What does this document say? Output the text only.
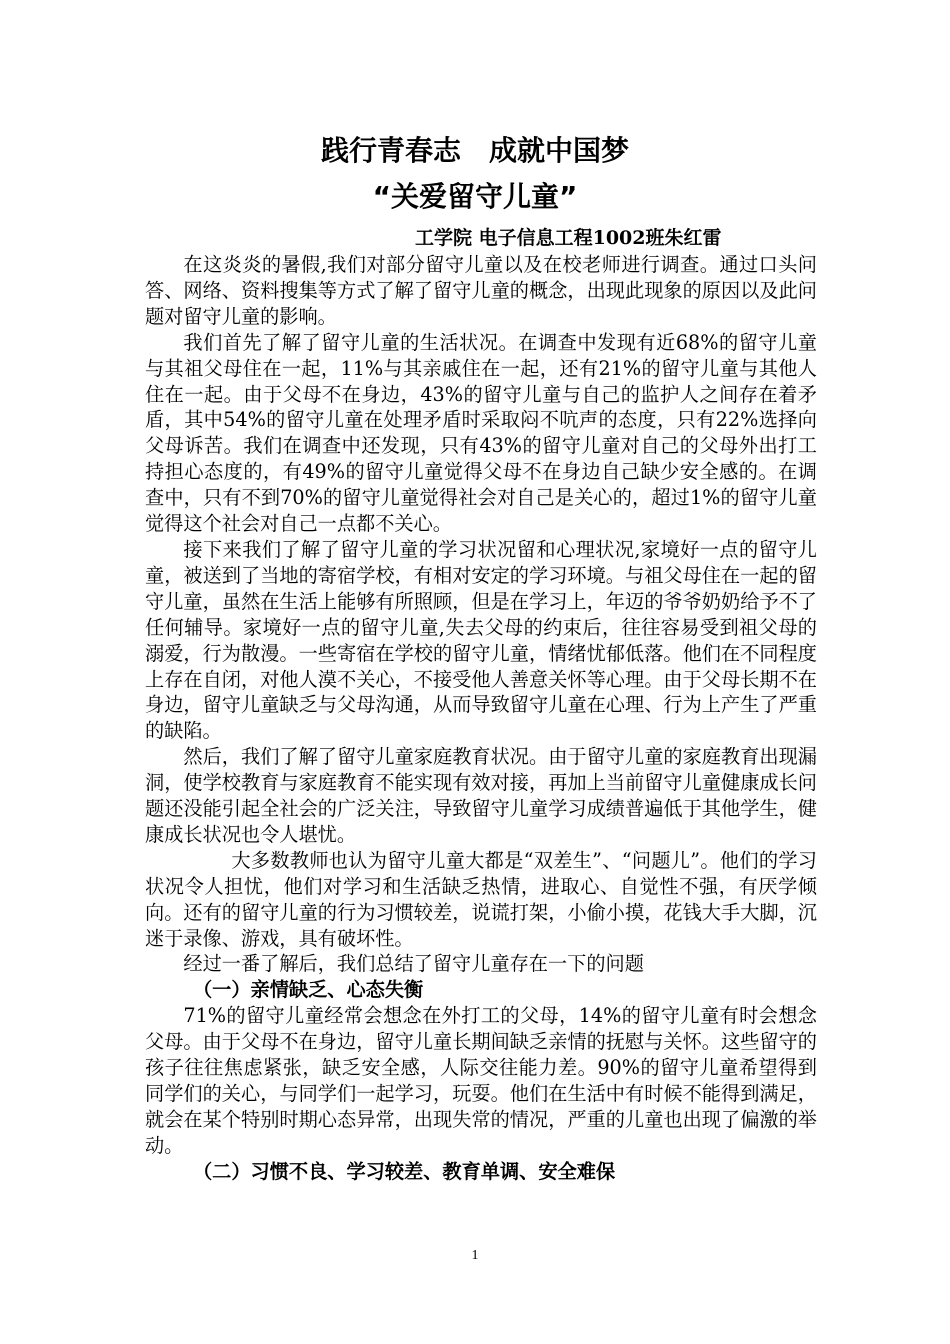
践行青春志　成就中国梦
“关爱留守儿童”
工学院 电子信息工程1002班朱红雷

在这炎炎的暑假,我们对部分留守儿童以及在校老师进行调查。通过口头问答、网络、资料搜集等方式了解了留守儿童的概念，出现此现象的原因以及此问题对留守儿童的影响。

我们首先了解了留守儿童的生活状况。在调查中发现有近68%的留守儿童与其祖父母住在一起，11%与其亲戚住在一起，还有21%的留守儿童与其他人住在一起。由于父母不在身边，43%的留守儿童与自己的监护人之间存在着矛盾，其中54%的留守儿童在处理矛盾时采取闷不吭声的态度，只有22%选择向父母诉苦。我们在调查中还发现，只有43%的留守儿童对自己的父母外出打工持担心态度的，有49%的留守儿童觉得父母不在身边自己缺少安全感的。在调查中，只有不到70%的留守儿童觉得社会对自己是关心的，超过1%的留守儿童觉得这个社会对自己一点都不关心。

接下来我们了解了留守儿童的学习状况留和心理状况,家境好一点的留守儿童，被送到了当地的寄宿学校，有相对安定的学习环境。与祖父母住在一起的留守儿童，虽然在生活上能够有所照顾，但是在学习上，年迈的爷爷奶奶给予不了任何辅导。家境好一点的留守儿童,失去父母的约束后，往往容易受到祖父母的溺爱，行为散漫。一些寄宿在学校的留守儿童，情绪忧郁低落。他们在不同程度上存在自闭，对他人漠不关心，不接受他人善意关怀等心理。由于父母长期不在身边，留守儿童缺乏与父母沟通，从而导致留守儿童在心理、行为上产生了严重的缺陷。

然后，我们了解了留守儿童家庭教育状况。由于留守儿童的家庭教育出现漏洞，使学校教育与家庭教育不能实现有效对接，再加上当前留守儿童健康成长问题还没能引起全社会的广泛关注，导致留守儿童学习成绩普遍低于其他学生，健康成长状况也令人堪忧。

大多数教师也认为留守儿童大都是“双差生”、“问题儿”。他们的学习状况令人担忧，他们对学习和生活缺乏热情，进取心、自觉性不强，有厌学倾向。还有的留守儿童的行为习惯较差，说谎打架，小偷小摸，花钱大手大脚，沉迷于录像、游戏，具有破坏性。

经过一番了解后，我们总结了留守儿童存在一下的问题

（一）亲情缺乏、心态失衡

71%的留守儿童经常会想念在外打工的父母，14%的留守儿童有时会想念父母。由于父母不在身边，留守儿童长期间缺乏亲情的抚慰与关怀。这些留守的孩子往往焦虑紧张，缺乏安全感，人际交往能力差。90%的留守儿童希望得到同学们的关心，与同学们一起学习，玩耍。他们在生活中有时候不能得到满足，就会在某个特别时期心态异常，出现失常的情况，严重的儿童也出现了偏激的举动。

（二）习惯不良、学习较差、教育单调、安全难保

1
